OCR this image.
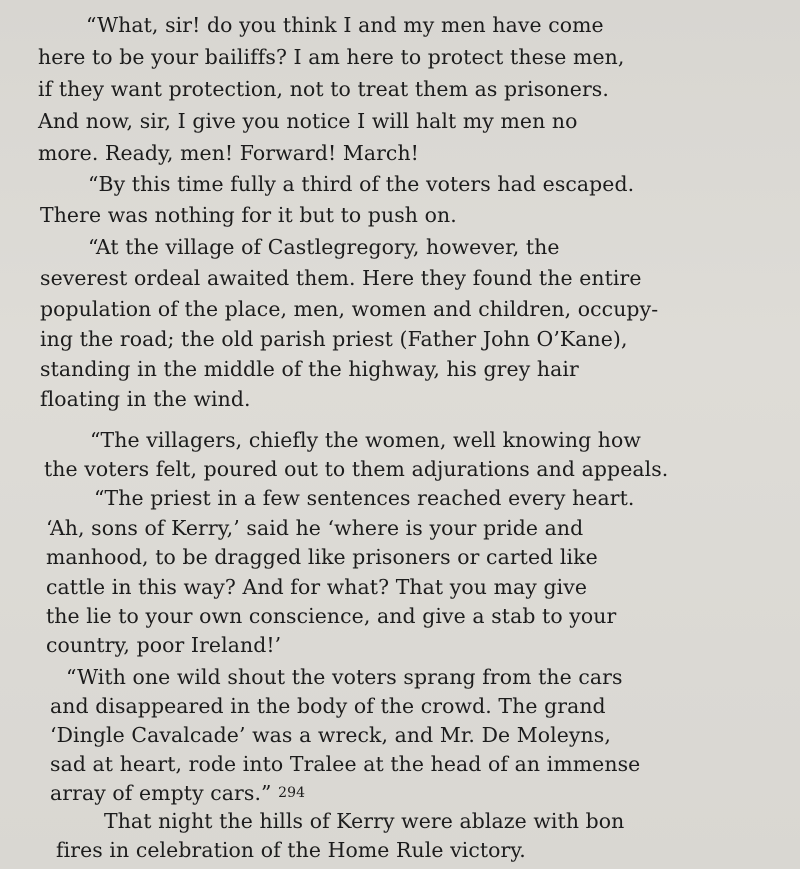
“What, sir! do you think I and my men have come
here to be your bailiffs? I am here to protect these men,
if they want protection, not to treat them as prisoners.
And now, sir, I give you notice I will halt my men no
more. Ready, men! Forward! March!
“By this time fully a third of the voters had escaped.
There was nothing for it but to push on.
“At the village of Castlegregory, however, the
severest ordeal awaited them. Here they found the entire
population of the place, men, women and children, occupy-
ing the road; the old parish priest (Father John O’Kane),
standing in the middle of the highway, his grey hair
floating in the wind.
“The villagers, chiefly the women, well knowing how
the voters felt, poured out to them adjurations and appeals.
“The priest in a few sentences reached every heart.
‘Ah, sons of Kerry,’ said he ‘where is your pride and
manhood, to be dragged like prisoners or carted like
cattle in this way? And for what? That you may give
the lie to your own conscience, and give a stab to your
country, poor Ireland!’
“With one wild shout the voters sprang from the cars
and disappeared in the body of the crowd. The grand
‘Dingle Cavalcade’ was a wreck, and Mr. De Moleyns,
sad at heart, rode into Tralee at the head of an immense
array of empty cars.” 294
That night the hills of Kerry were ablaze with bon
fires in celebration of the Home Rule victory.
